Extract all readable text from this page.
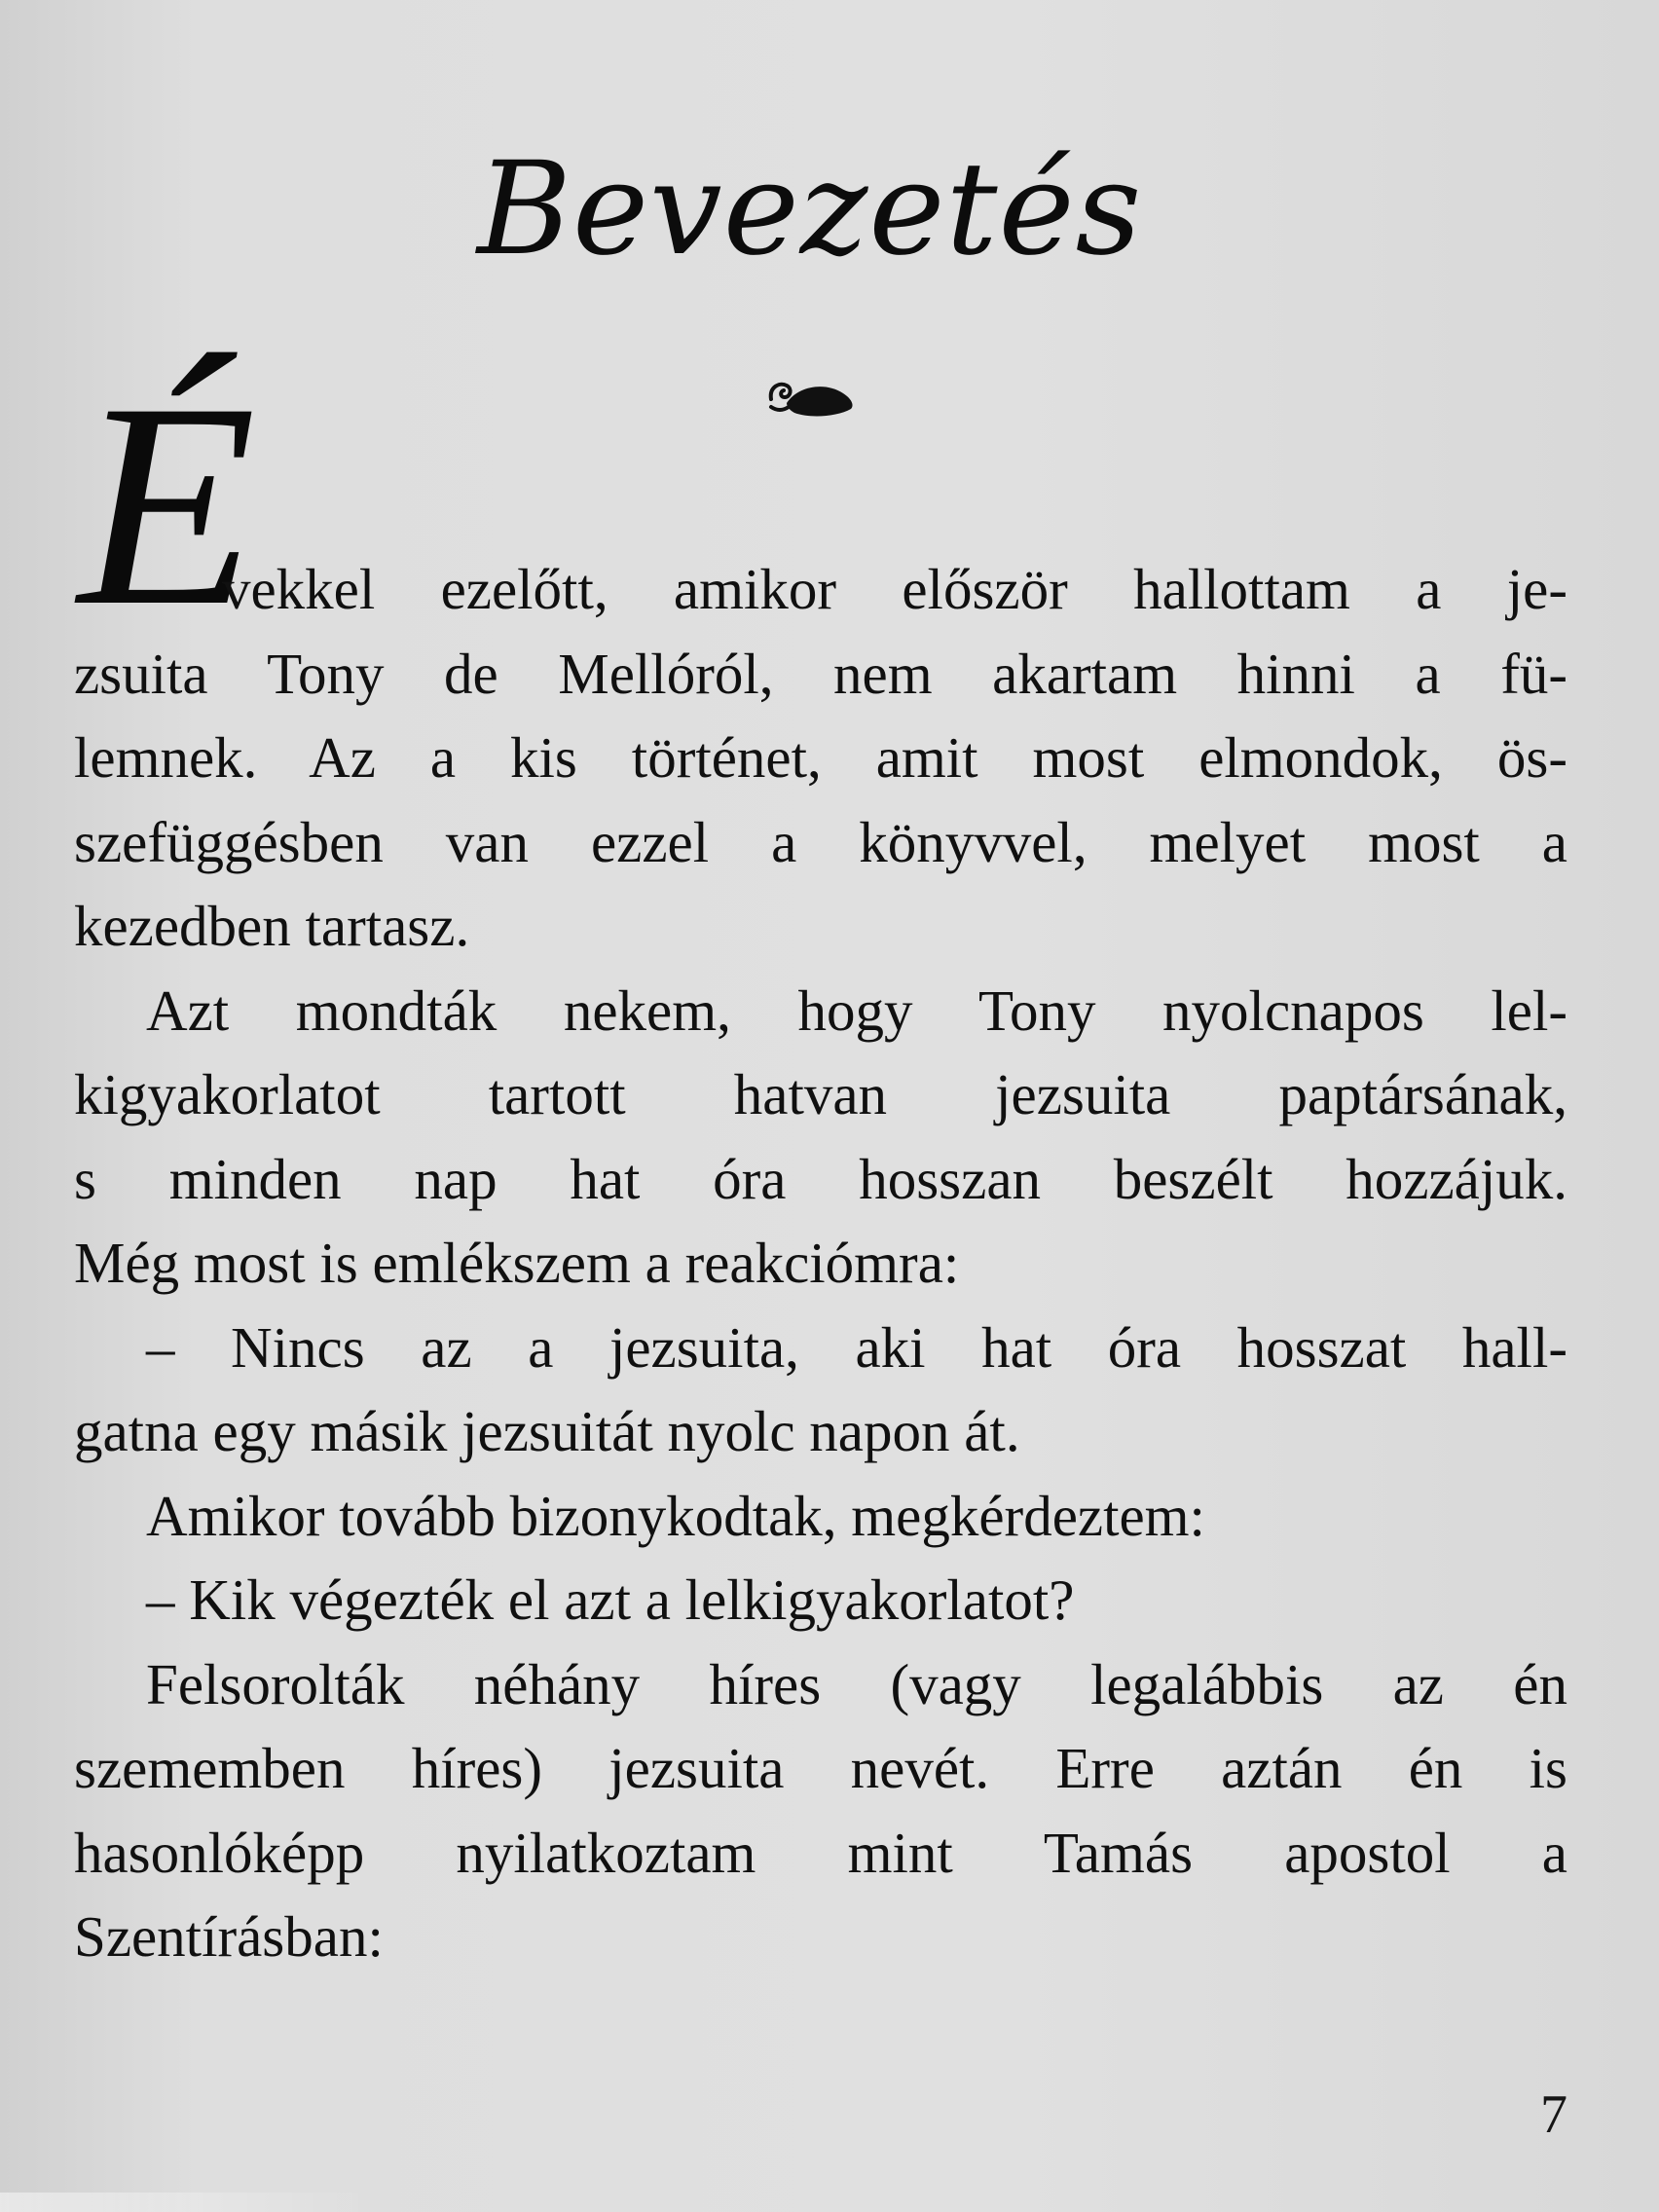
Bevezetés
É
vekkel ezelőtt, amikor először hallottam a je-
zsuita Tony de Mellóról, nem akartam hinni a fü-
lemnek. Az a kis történet, amit most elmondok, ös-
szefüggésben van ezzel a könyvvel, melyet most a
kezedben tartasz.
Azt mondták nekem, hogy Tony nyolcnapos lel-
kigyakorlatot tartott hatvan jezsuita paptársának,
s minden nap hat óra hosszan beszélt hozzájuk.
Még most is emlékszem a reakciómra:
– Nincs az a jezsuita, aki hat óra hosszat hall-
gatna egy másik jezsuitát nyolc napon át.
Amikor tovább bizonykodtak, megkérdeztem:
– Kik végezték el azt a lelkigyakorlatot?
Felsorolták néhány híres (vagy legalábbis az én
szememben híres) jezsuita nevét. Erre aztán én is
hasonlóképp nyilatkoztam mint Tamás apostol a
Szentírásban:
7
